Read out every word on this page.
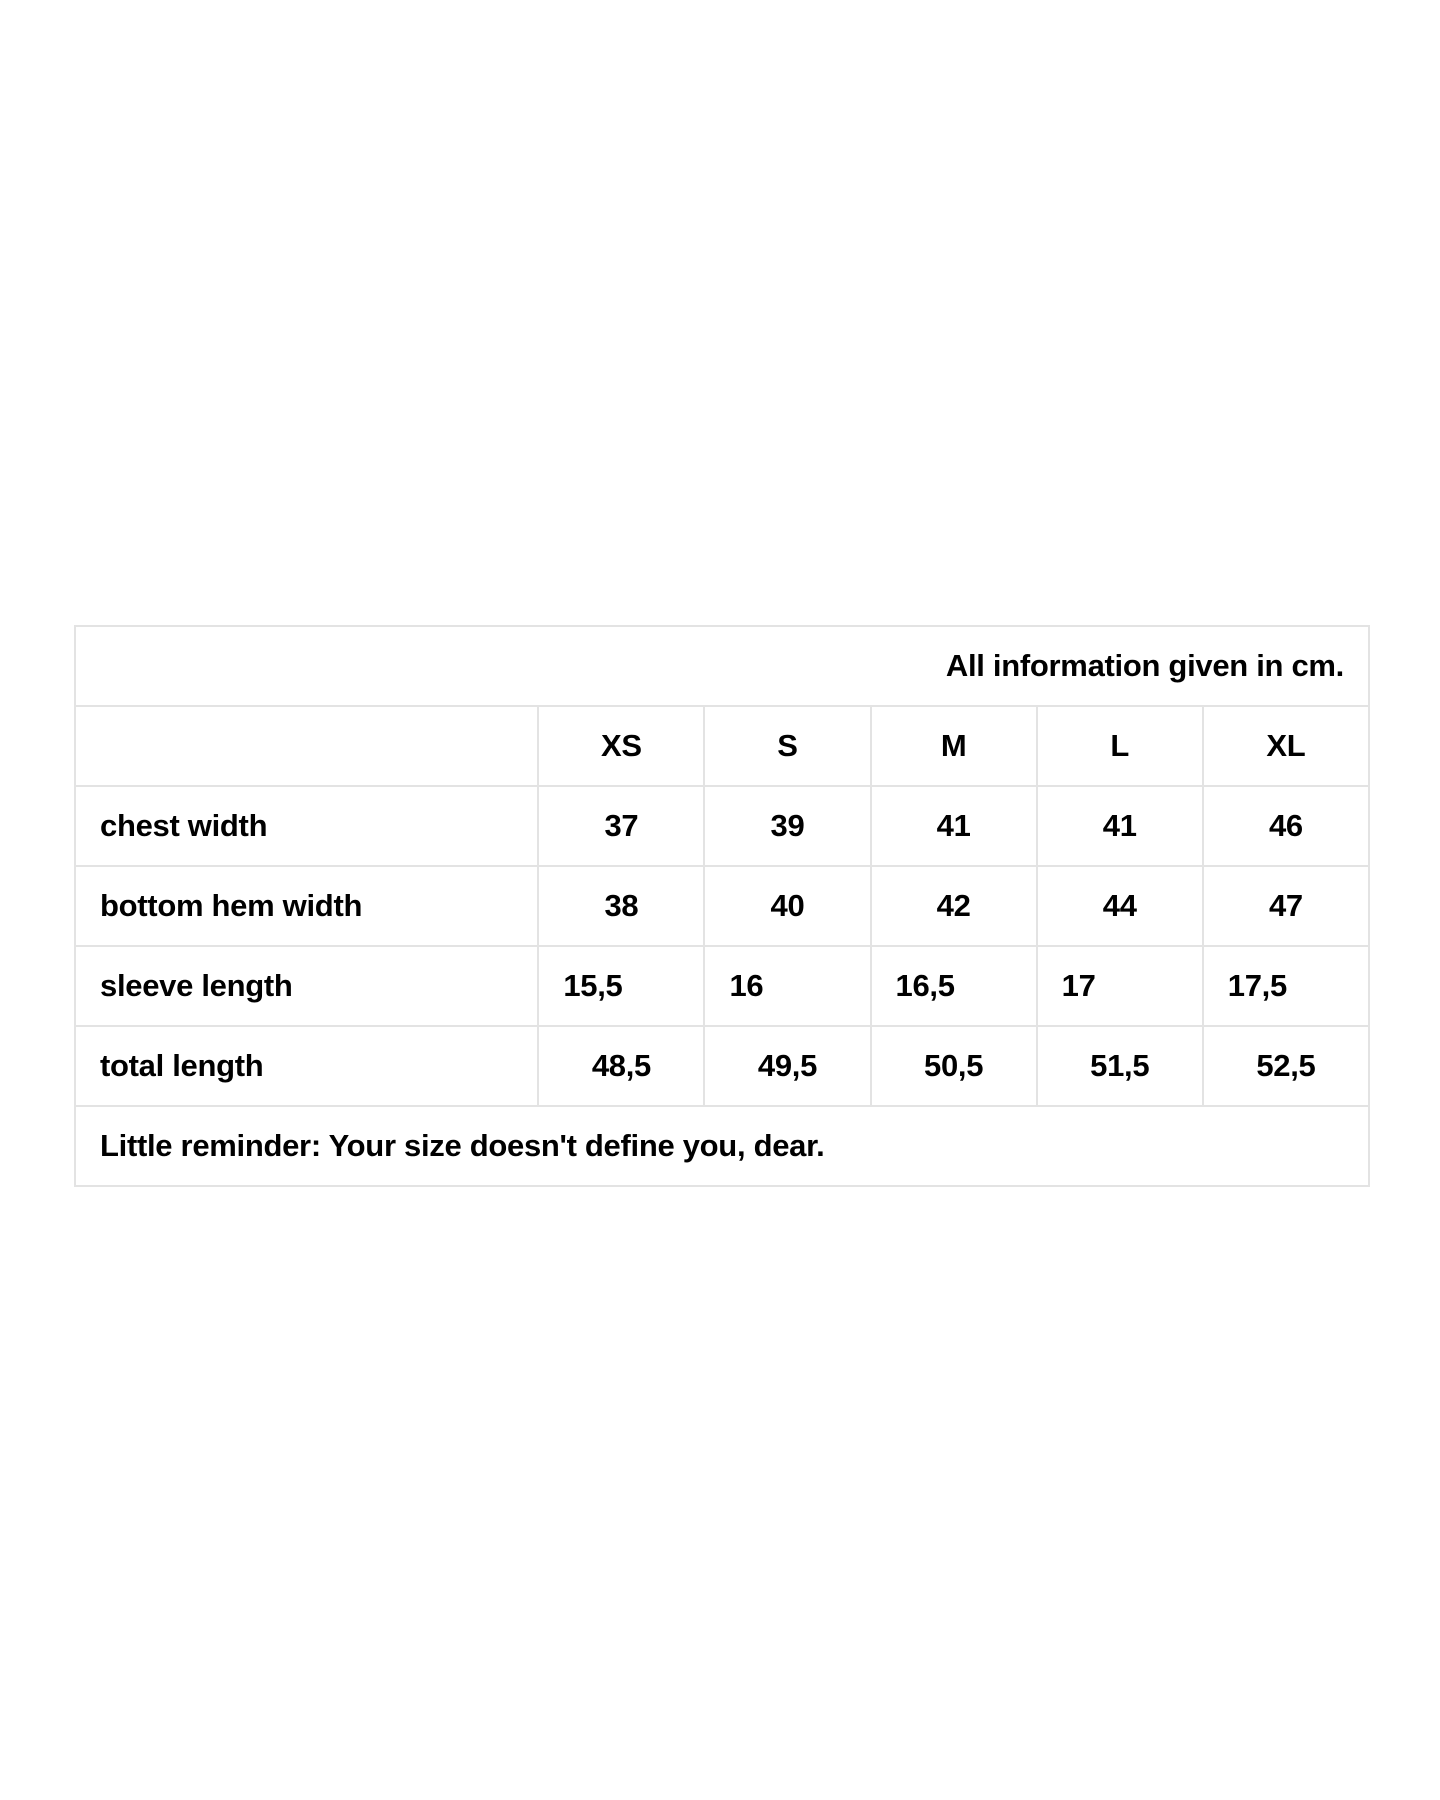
All information given in cm.					
	XS	S	M	L	XL
chest width	37	39	41	41	46
bottom hem width	38	40	42	44	47
sleeve length	15,5	16	16,5	17	17,5
total length	48,5	49,5	50,5	51,5	52,5
Little reminder: Your size doesn't define you, dear.					
